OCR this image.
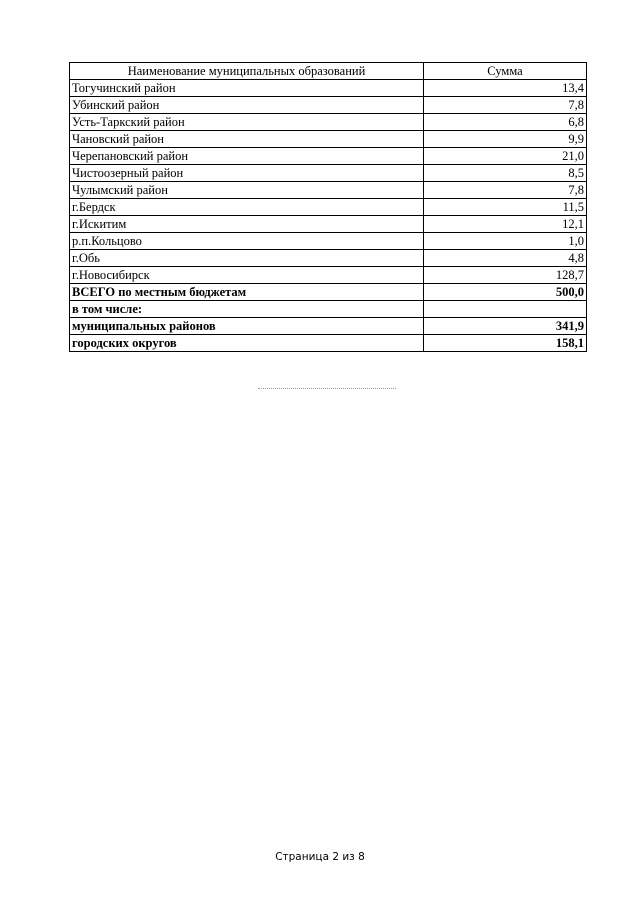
Наименование муниципальных образований	Сумма
Тогучинский район	13,4
Убинский район	7,8
Усть-Таркский район	6,8
Чановский район	9,9
Черепановский район	21,0
Чистоозерный район	8,5
Чулымский район	7,8
г.Бердск	11,5
г.Искитим	12,1
р.п.Кольцово	1,0
г.Обь	4,8
г.Новосибирск	128,7
ВСЕГО по местным бюджетам	500,0
в том числе:	
муниципальных районов	341,9
городских округов	158,1
Страница 2 из 8
